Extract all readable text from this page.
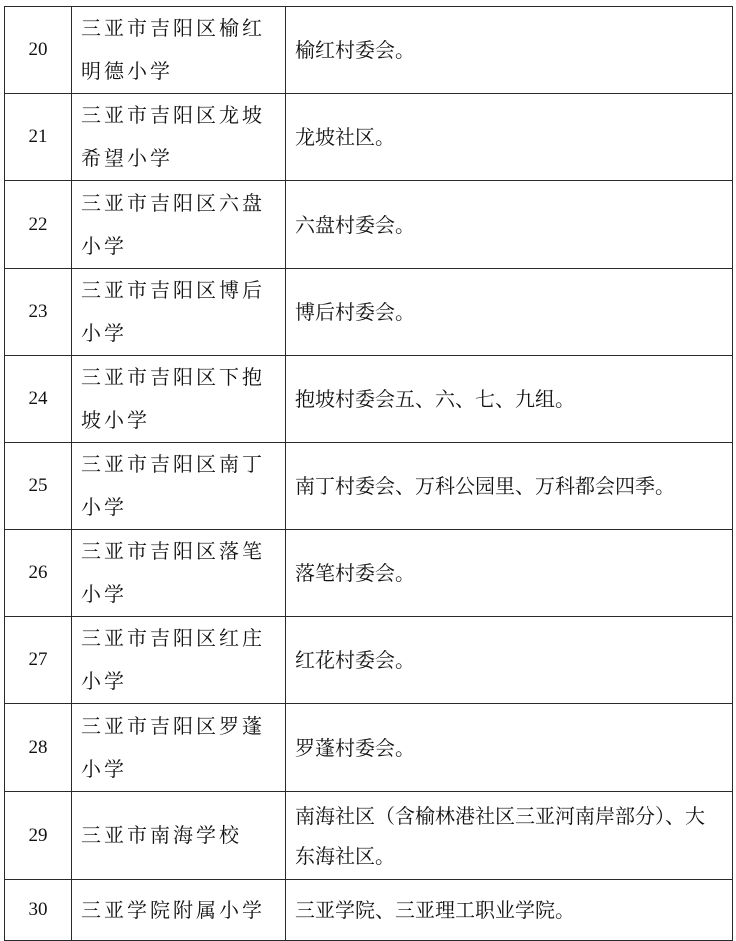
20	三亚市吉阳区榆红明德小学	榆红村委会。
21	三亚市吉阳区龙坡希望小学	龙坡社区。
22	三亚市吉阳区六盘小学	六盘村委会。
23	三亚市吉阳区博后小学	博后村委会。
24	三亚市吉阳区下抱坡小学	抱坡村委会五、六、七、九组。
25	三亚市吉阳区南丁小学	南丁村委会、万科公园里、万科都会四季。
26	三亚市吉阳区落笔小学	落笔村委会。
27	三亚市吉阳区红庄小学	红花村委会。
28	三亚市吉阳区罗蓬小学	罗蓬村委会。
29	三亚市南海学校	南海社区（含榆林港社区三亚河南岸部分）、大东海社区。
30	三亚学院附属小学	三亚学院、三亚理工职业学院。
